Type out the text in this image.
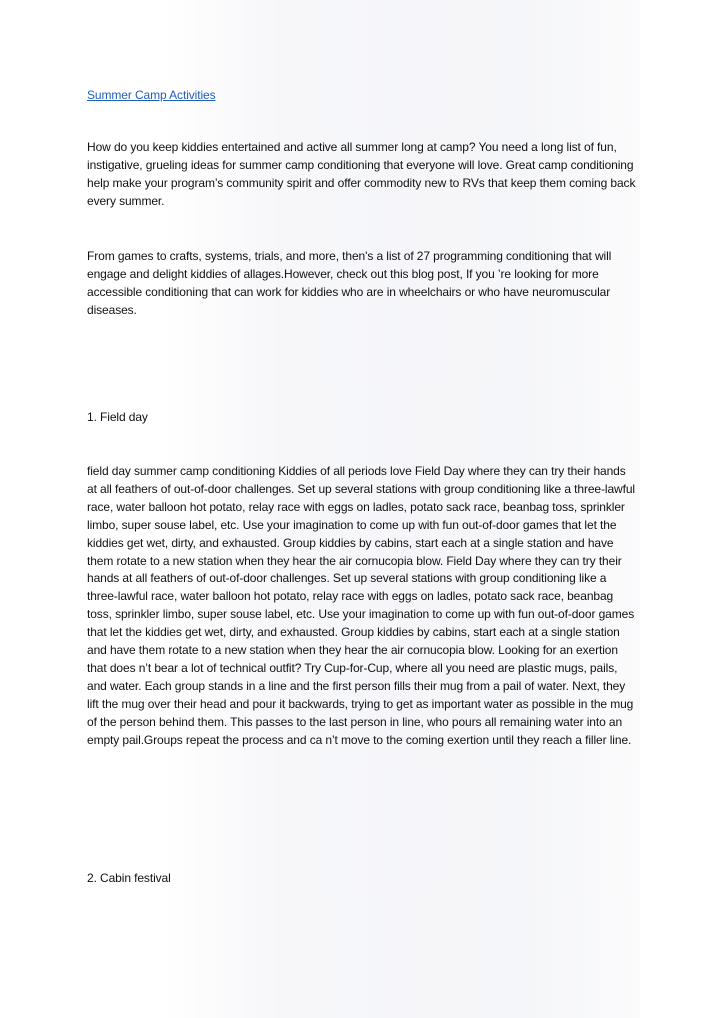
Summer Camp Activities

How do you keep kiddies entertained and active all summer long at camp? You need a long list of fun, instigative, grueling ideas for summer camp conditioning that everyone will love. Great camp conditioning help make your program’s community spirit and offer commodity new to RVs that keep them coming back every summer.

From games to crafts, systems, trials, and more, then's a list of 27 programming conditioning that will engage and delight kiddies of allages.However, check out this blog post, If you ’re looking for more accessible conditioning that can work for kiddies who are in wheelchairs or who have neuromuscular diseases.

1. Field day

field day summer camp conditioning Kiddies of all periods love Field Day where they can try their hands at all feathers of out-of-door challenges. Set up several stations with group conditioning like a three-lawful race, water balloon hot potato, relay race with eggs on ladles, potato sack race, beanbag toss, sprinkler limbo, super souse label, etc. Use your imagination to come up with fun out-of-door games that let the kiddies get wet, dirty, and exhausted. Group kiddies by cabins, start each at a single station and have them rotate to a new station when they hear the air cornucopia blow. Field Day where they can try their hands at all feathers of out-of-door challenges. Set up several stations with group conditioning like a three-lawful race, water balloon hot potato, relay race with eggs on ladles, potato sack race, beanbag toss, sprinkler limbo, super souse label, etc. Use your imagination to come up with fun out-of-door games that let the kiddies get wet, dirty, and exhausted. Group kiddies by cabins, start each at a single station and have them rotate to a new station when they hear the air cornucopia blow. Looking for an exertion that does n’t bear a lot of technical outfit? Try Cup-for-Cup, where all you need are plastic mugs, pails, and water. Each group stands in a line and the first person fills their mug from a pail of water. Next, they lift the mug over their head and pour it backwards, trying to get as important water as possible in the mug of the person behind them. This passes to the last person in line, who pours all remaining water into an empty pail.Groups repeat the process and ca n’t move to the coming exertion until they reach a filler line.

2. Cabin festival
